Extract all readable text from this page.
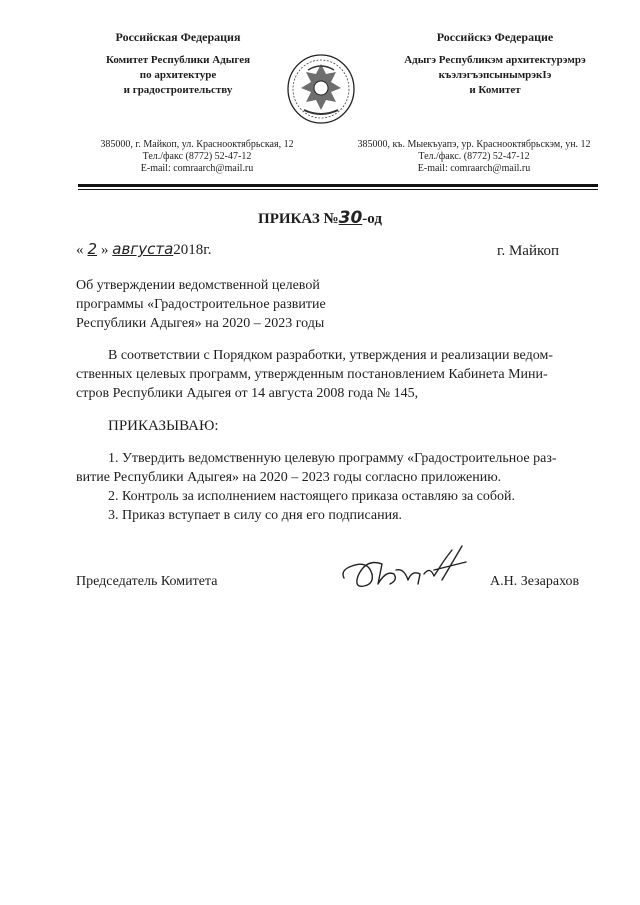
Российская Федерация
Комитет Республики Адыгея
по архитектуре
и градостроительству
385000, г. Майкоп, ул. Краснооктябрьская, 12
Тел./факс (8772) 52-47-12
E-mail: comraarch@mail.ru
Российскэ Федерацие
Адыгэ Республикэм архитектурэмрэ
къэлэгъэпсынымрэкІэ
и Комитет
385000, къ. Мыекъуапэ, ур. Краснооктябрьскэм, ун. 12
Тел./факс. (8772) 52-47-12
E-mail: comraarch@mail.ru
ПРИКАЗ №30-од
« 2 » августа2018г.	г. Майкоп
Об утверждении ведомственной целевой
программы «Градостроительное развитие
Республики Адыгея» на 2020 – 2023 годы
В соответствии с Порядком разработки, утверждения и реализации ведом-
ственных целевых программ, утвержденным постановлением Кабинета Мини-
стров Республики Адыгея от 14 августа 2008 года № 145,
ПРИКАЗЫВАЮ:
1. Утвердить ведомственную целевую программу «Градостроительное раз-
витие Республики Адыгея» на 2020 – 2023 годы согласно приложению.
2. Контроль за исполнением настоящего приказа оставляю за собой.
3. Приказ вступает в силу со дня его подписания.
Председатель Комитета	А.Н. Зезарахов
